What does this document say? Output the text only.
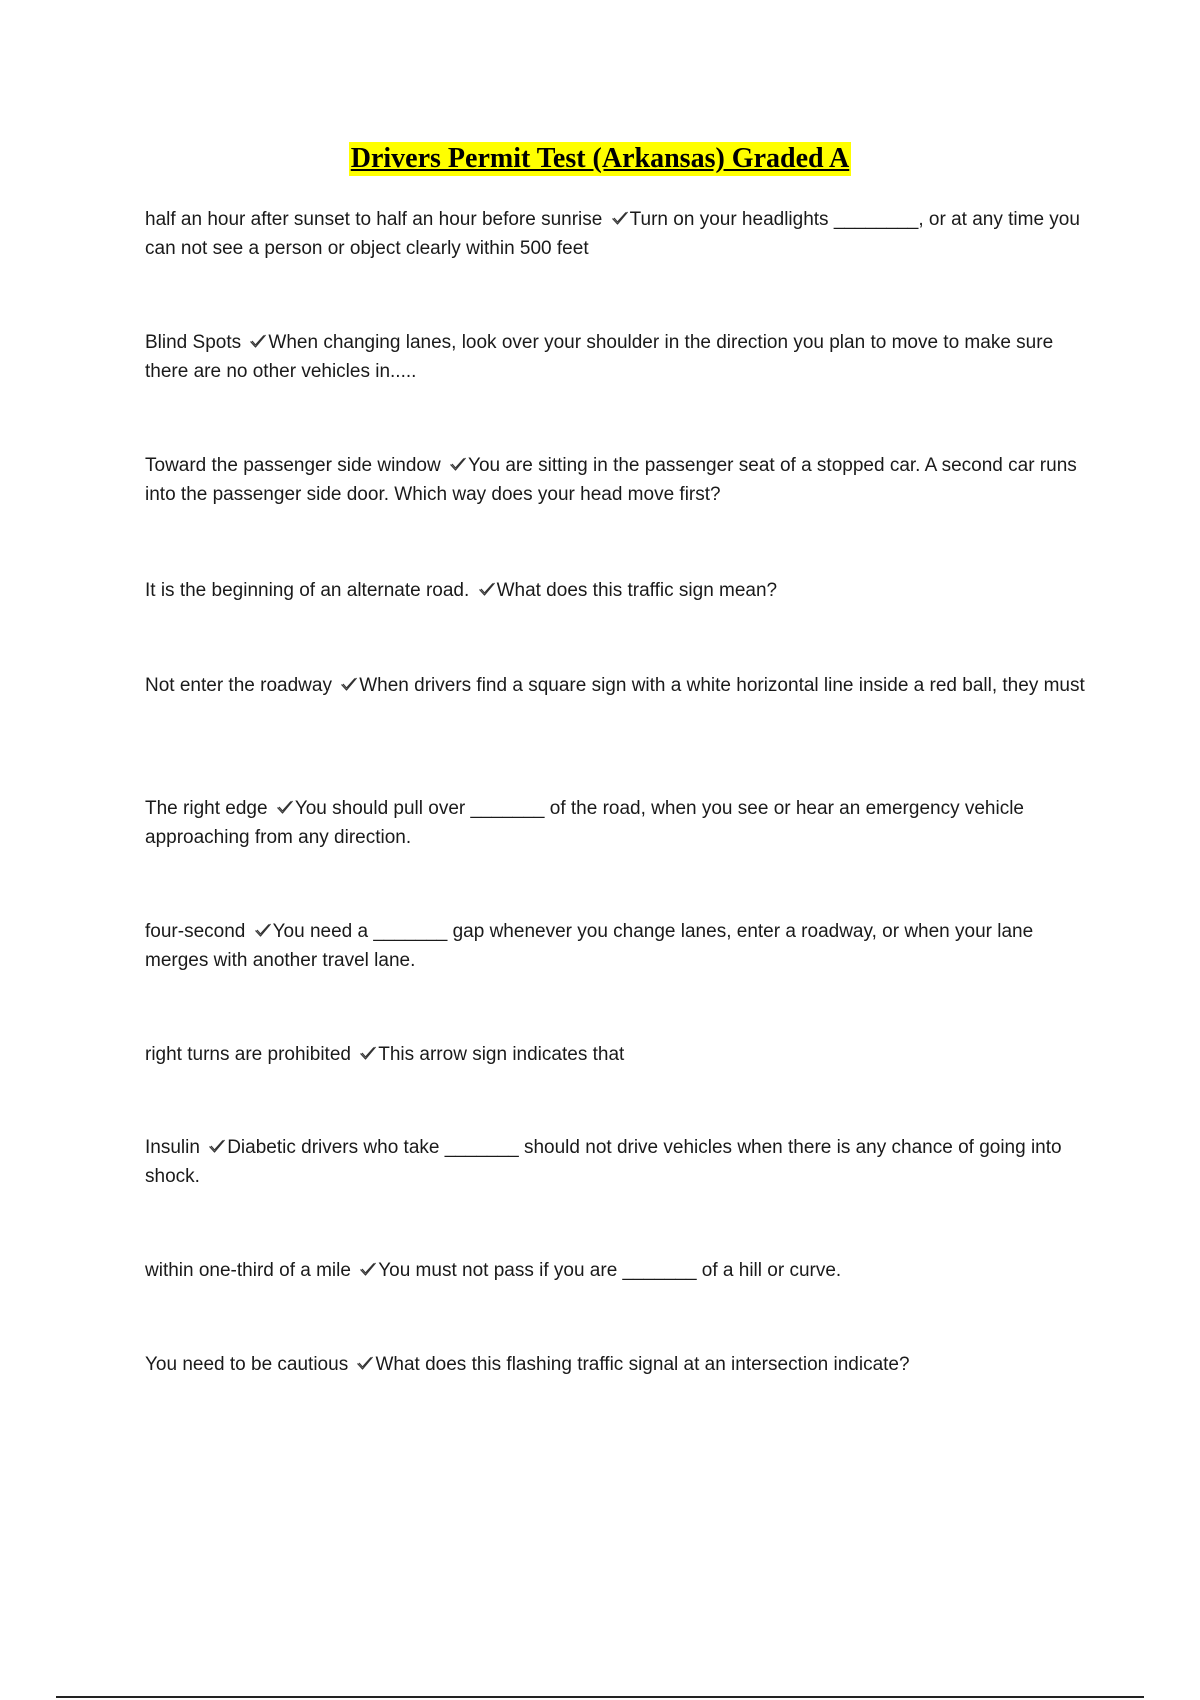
Drivers Permit Test (Arkansas) Graded A
half an hour after sunset to half an hour before sunrise Turn on your headlights ________, or at any time you can not see a person or object clearly within 500 feet
Blind Spots When changing lanes, look over your shoulder in the direction you plan to move to make sure there are no other vehicles in.....
Toward the passenger side window You are sitting in the passenger seat of a stopped car. A second car runs into the passenger side door. Which way does your head move first?
It is the beginning of an alternate road. What does this traffic sign mean?
Not enter the roadway When drivers find a square sign with a white horizontal line inside a red ball, they must
The right edge You should pull over _______ of the road, when you see or hear an emergency vehicle approaching from any direction.
four-second You need a _______ gap whenever you change lanes, enter a roadway, or when your lane merges with another travel lane.
right turns are prohibited This arrow sign indicates that
Insulin Diabetic drivers who take _______ should not drive vehicles when there is any chance of going into shock.
within one-third of a mile You must not pass if you are _______ of a hill or curve.
You need to be cautious What does this flashing traffic signal at an intersection indicate?
